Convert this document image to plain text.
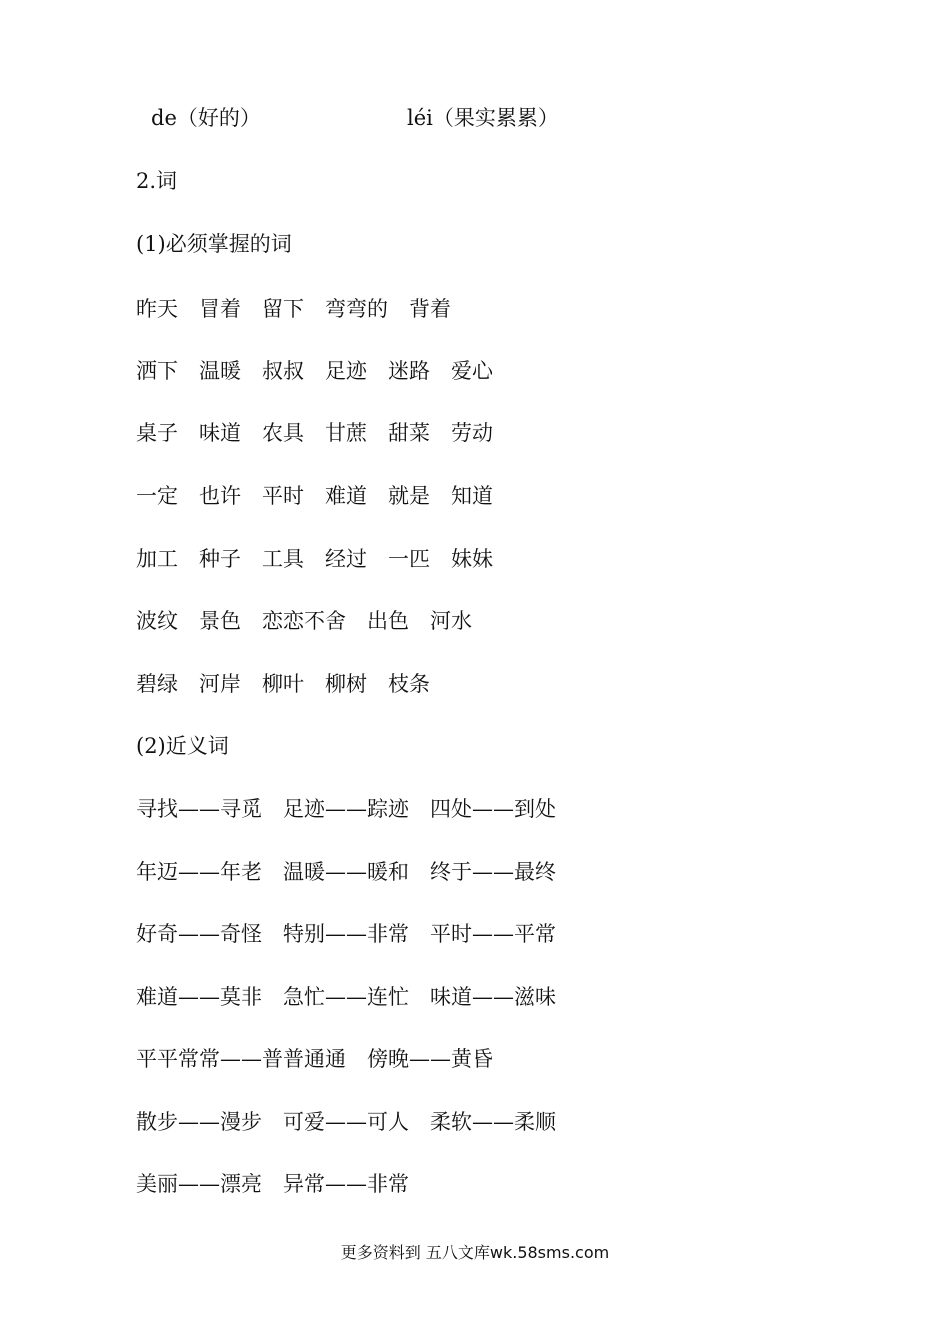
de（好的）	léi（果实累累）
2.词
(1)必须掌握的词
昨天　冒着　留下　弯弯的　背着
洒下　温暖　叔叔　足迹　迷路　爱心
桌子　味道　农具　甘蔗　甜菜　劳动
一定　也许　平时　难道　就是　知道
加工　种子　工具　经过　一匹　妹妹
波纹　景色　恋恋不舍　出色　河水
碧绿　河岸　柳叶　柳树　枝条
(2)近义词
寻找——寻觅　足迹——踪迹　四处——到处
年迈——年老　温暖——暖和　终于——最终
好奇——奇怪　特别——非常　平时——平常
难道——莫非　急忙——连忙　味道——滋味
平平常常——普普通通　傍晚——黄昏
散步——漫步　可爱——可人　柔软——柔顺
美丽——漂亮　异常——非常
更多资料到 五八文库wk.58sms.com
